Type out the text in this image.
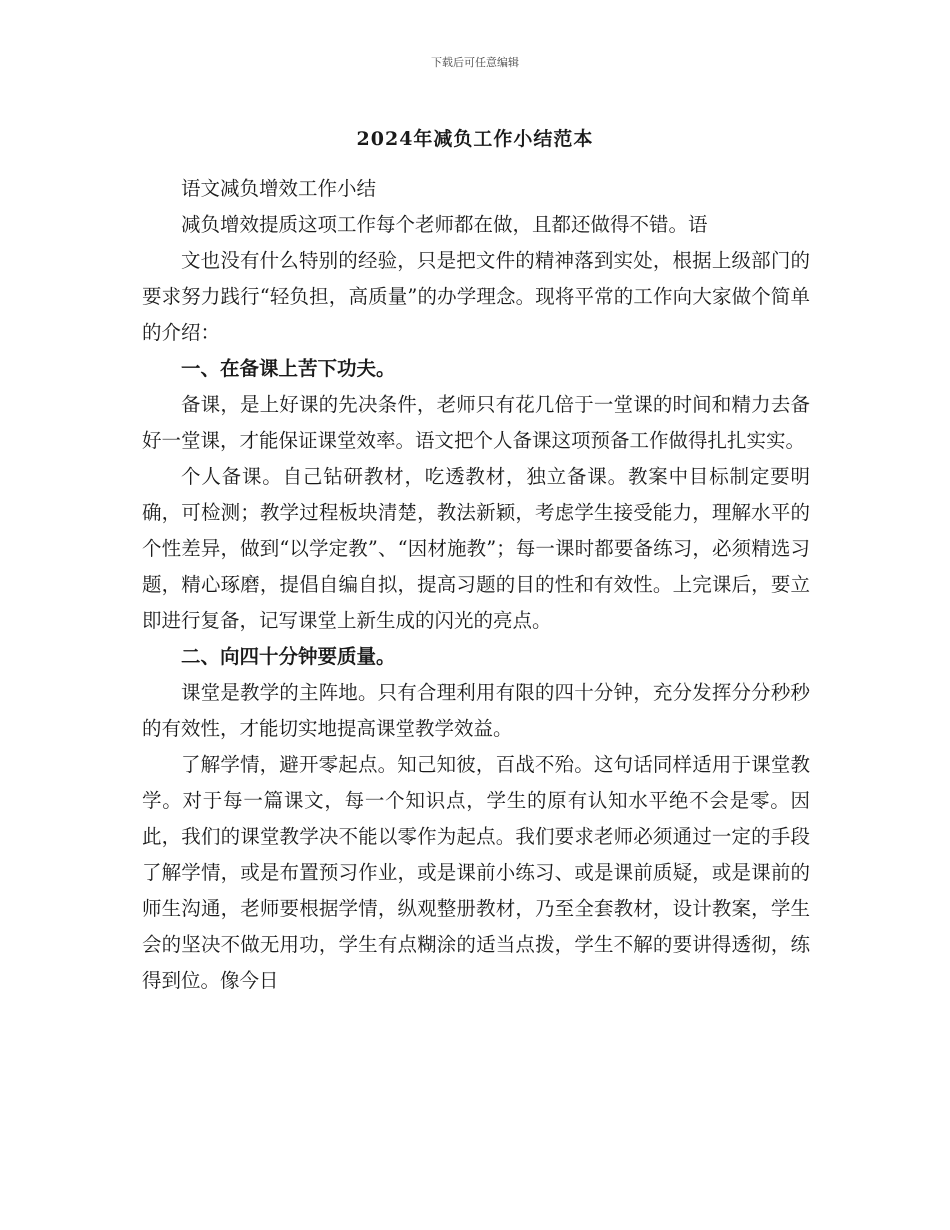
下载后可任意编辑
2024年减负工作小结范本

语文减负增效工作小结

减负增效提质这项工作每个老师都在做，且都还做得不错。语

文也没有什么特别的经验，只是把文件的精神落到实处，根据上级部门的要求努力践行“轻负担，高质量”的办学理念。现将平常的工作向大家做个简单的介绍：

一、在备课上苦下功夫。

备课，是上好课的先决条件，老师只有花几倍于一堂课的时间和精力去备好一堂课，才能保证课堂效率。语文把个人备课这项预备工作做得扎扎实实。

个人备课。自己钻研教材，吃透教材，独立备课。教案中目标制定要明确，可检测；教学过程板块清楚，教法新颖，考虑学生接受能力，理解水平的个性差异，做到“以学定教”、“因材施教”；每一课时都要备练习，必须精选习题，精心琢磨，提倡自编自拟，提高习题的目的性和有效性。上完课后，要立即进行复备，记写课堂上新生成的闪光的亮点。

二、向四十分钟要质量。

课堂是教学的主阵地。只有合理利用有限的四十分钟，充分发挥分分秒秒的有效性，才能切实地提高课堂教学效益。

了解学情，避开零起点。知己知彼，百战不殆。这句话同样适用于课堂教学。对于每一篇课文，每一个知识点，学生的原有认知水平绝不会是零。因此，我们的课堂教学决不能以零作为起点。我们要求老师必须通过一定的手段了解学情，或是布置预习作业，或是课前小练习、或是课前质疑，或是课前的师生沟通，老师要根据学情，纵观整册教材，乃至全套教材，设计教案，学生会的坚决不做无用功，学生有点糊涂的适当点拨，学生不解的要讲得透彻，练得到位。像今日
